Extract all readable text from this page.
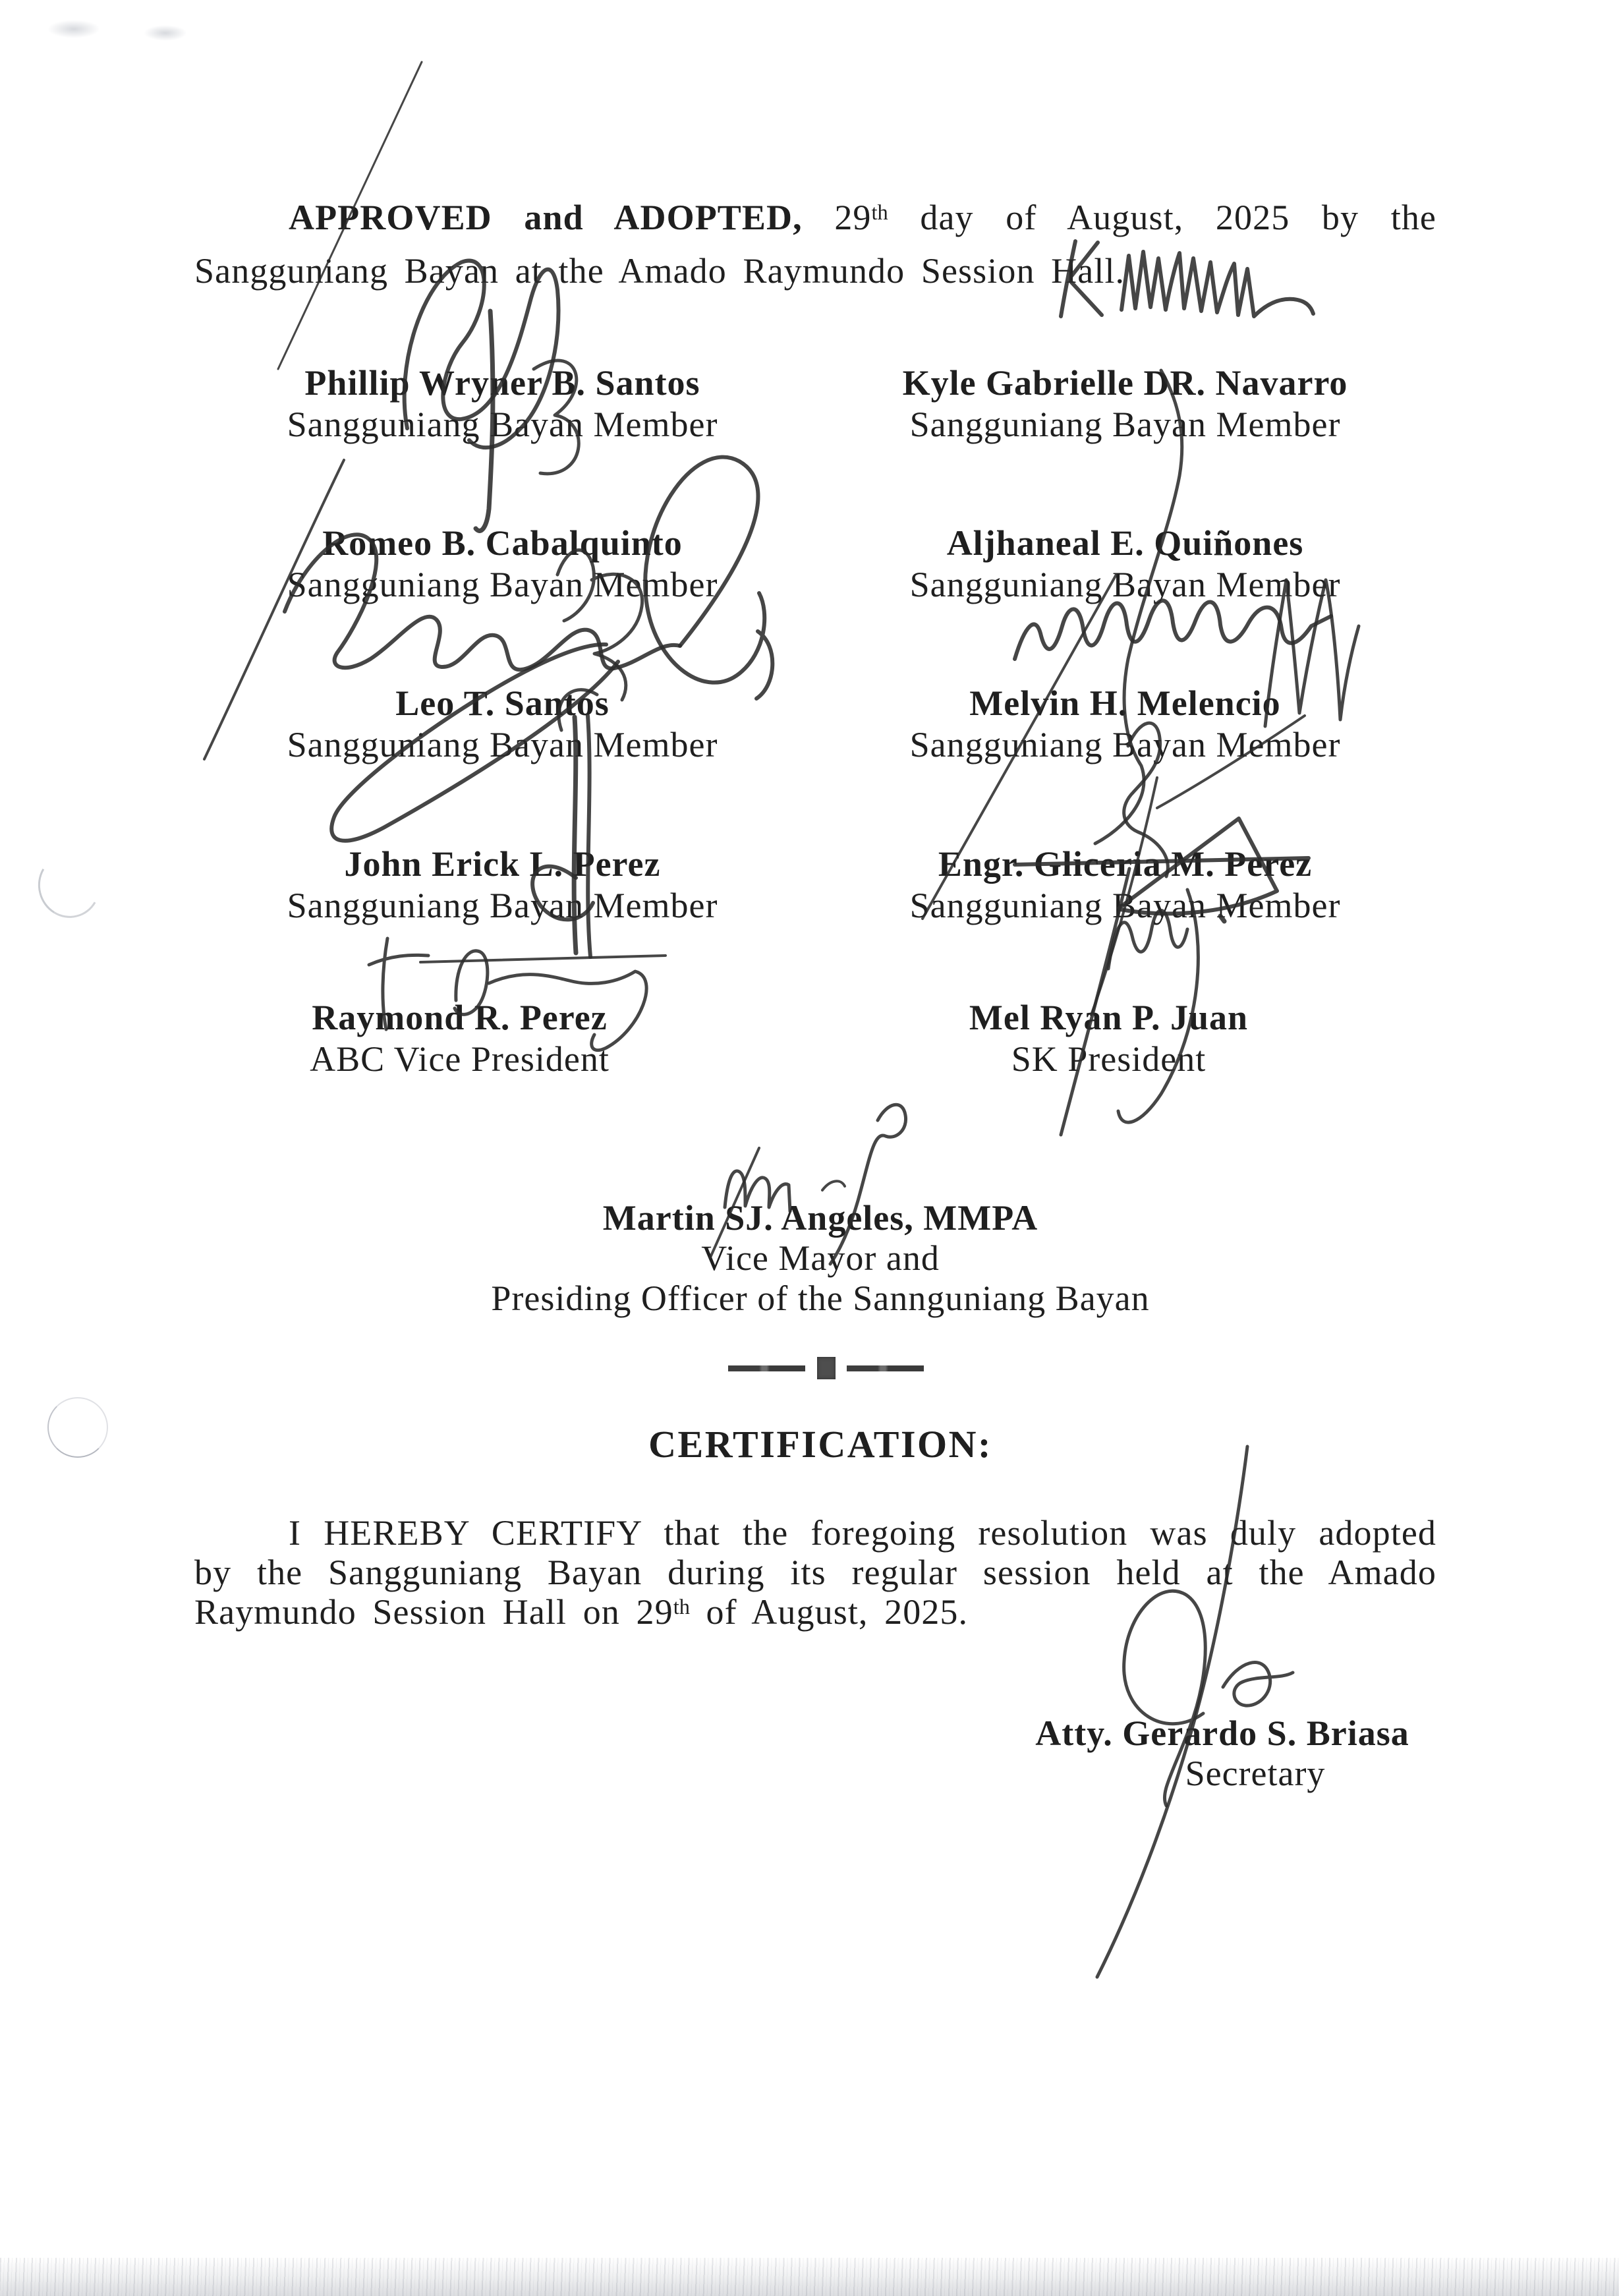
APPROVED and ADOPTED, 29th day of August, 2025 by the
Sangguniang Bayan at the Amado Raymundo Session Hall.
Phillip Wryner B. Santos
Sangguniang Bayan Member
Romeo B. Cabalquinto
Sangguniang Bayan Member
Leo T. Santos
Sangguniang Bayan Member
John Erick L. Perez
Sangguniang Bayan Member
Raymond R. Perez
ABC Vice President
Kyle Gabrielle DR. Navarro
Sangguniang Bayan Member
Aljhaneal E. Quiñones
Sangguniang Bayan Member
Melvin H. Melencio
Sangguniang Bayan Member
Engr. Gliceria M. Perez
Sangguniang Bayan Member
Mel Ryan P. Juan
SK President
Martin SJ. Angeles, MMPA
Vice Mayor and
Presiding Officer of the Sannguniang Bayan
CERTIFICATION:
I HEREBY CERTIFY that the foregoing resolution was duly adopted
by the Sangguniang Bayan during its regular session held at the Amado
Raymundo Session Hall on 29th of August, 2025.
Atty. Gerardo S. Briasa
Secretary
